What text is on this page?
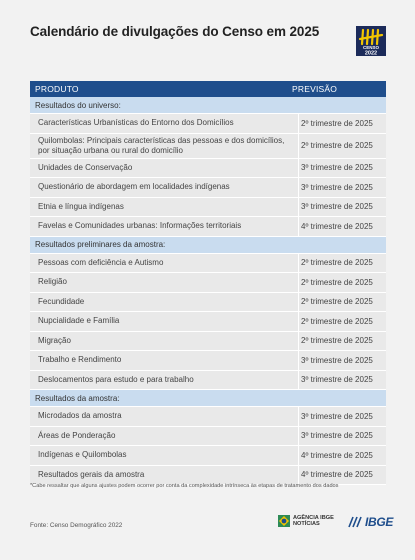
Calendário de divulgações do Censo em 2025
CENSO
2022
PRODUTO	PREVISÃO
Resultados do universo:
Características Urbanísticas do Entorno dos Domicílios	2º trimestre de 2025
Quilombolas: Principais características das pessoas e dos domicílios, por situação urbana ou rural do domicílio	2º trimestre de 2025
Unidades de Conservação	3º trimestre de 2025
Questionário de abordagem em localidades indígenas	3º trimestre de 2025
Etnia e língua indígenas	3º trimestre de 2025
Favelas e Comunidades urbanas: Informações territoriais	4º trimestre de 2025
Resultados preliminares da amostra:
Pessoas com deficiência e Autismo	2º trimestre de 2025
Religião	2º trimestre de 2025
Fecundidade	2º trimestre de 2025
Nupcialidade e Família	2º trimestre de 2025
Migração	2º trimestre de 2025
Trabalho e Rendimento	3º trimestre de 2025
Deslocamentos para estudo e para trabalho	3º trimestre de 2025
Resultados da amostra:
Microdados da amostra	3º trimestre de 2025
Áreas de Ponderação	3º trimestre de 2025
Indígenas e Quilombolas	4º trimestre de 2025
Resultados gerais da amostra	4º trimestre de 2025
*Cabe ressaltar que alguns ajustes podem ocorrer por conta da complexidade intrínseca às etapas de tratamento dos dados
Fonte: Censo Demográfico 2022
AGÊNCIA IBGE
NOTÍCIAS	IBGE
